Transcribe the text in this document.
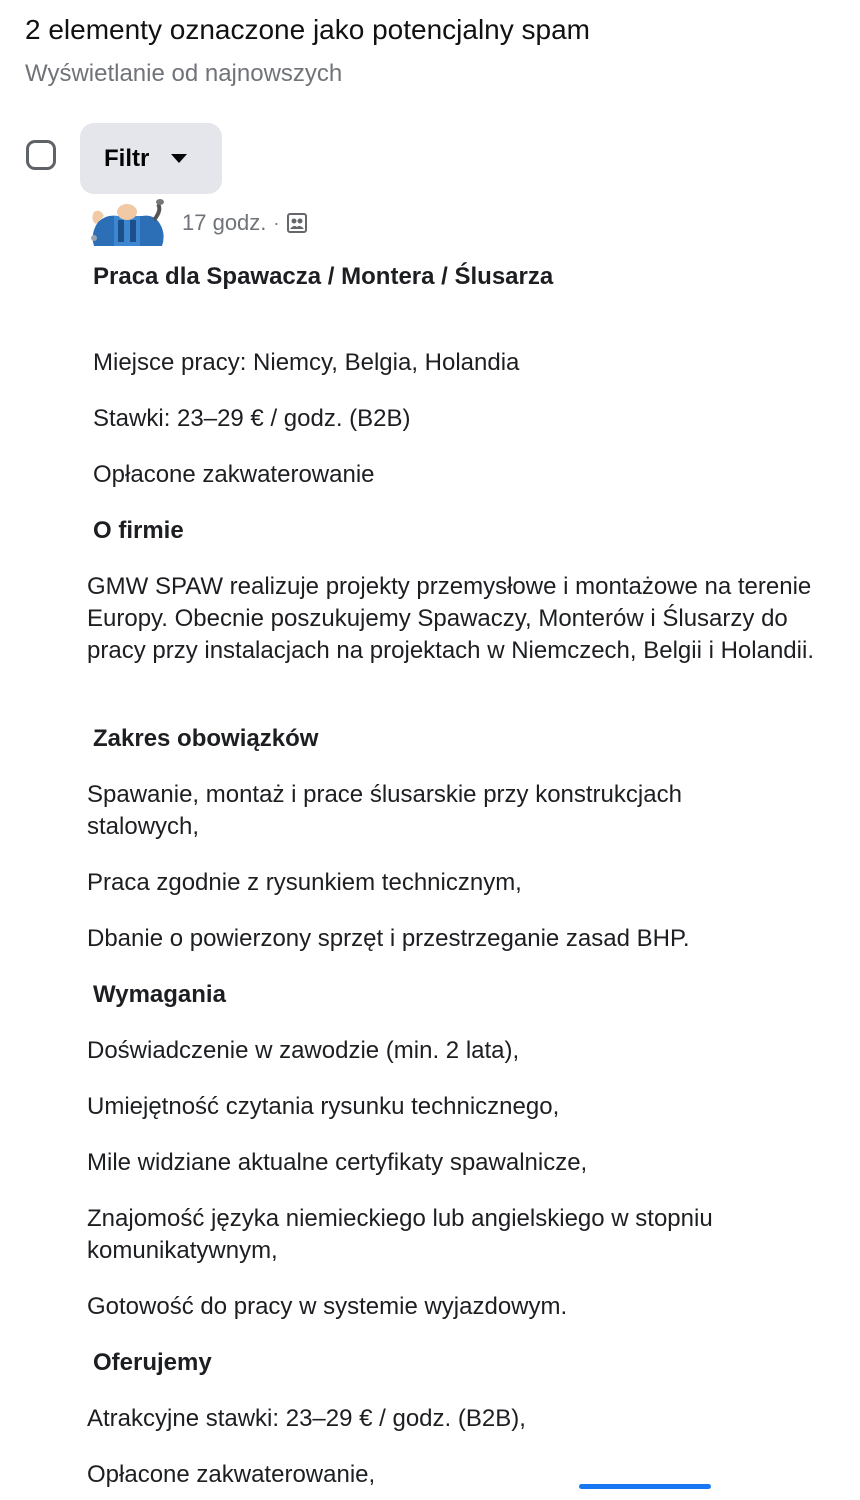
2 elementy oznaczone jako potencjalny spam
Wyświetlanie od najnowszych
Filtr
17 godz. ·
Praca dla Spawacza / Montera / Ślusarza
Miejsce pracy: Niemcy, Belgia, Holandia
Stawki: 23–29 € / godz. (B2B)
Opłacone zakwaterowanie
O firmie
GMW SPAW realizuje projekty przemysłowe i montażowe na terenie Europy. Obecnie poszukujemy Spawaczy, Monterów i Ślusarzy do pracy przy instalacjach na projektach w Niemczech, Belgii i Holandii.
Zakres obowiązków
Spawanie, montaż i prace ślusarskie przy konstrukcjach stalowych,
Praca zgodnie z rysunkiem technicznym,
Dbanie o powierzony sprzęt i przestrzeganie zasad BHP.
Wymagania
Doświadczenie w zawodzie (min. 2 lata),
Umiejętność czytania rysunku technicznego,
Mile widziane aktualne certyfikaty spawalnicze,
Znajomość języka niemieckiego lub angielskiego w stopniu komunikatywnym,
Gotowość do pracy w systemie wyjazdowym.
Oferujemy
Atrakcyjne stawki: 23–29 € / godz. (B2B),
Opłacone zakwaterowanie,
